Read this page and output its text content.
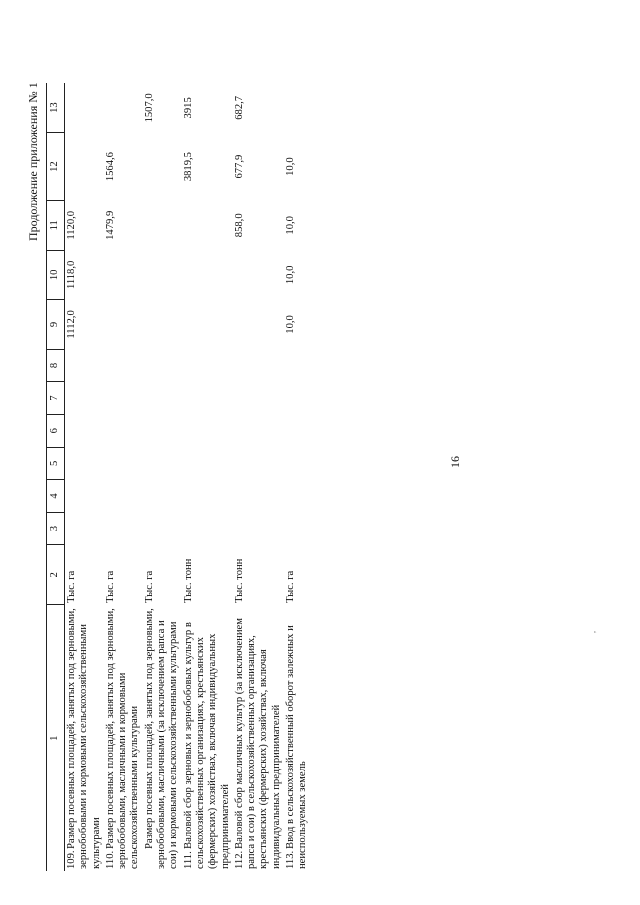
16
Продолжение приложения № 1
1	2	3	4	5	6	7	8	9	10	11	12	13
109.Размер посевных площадей, занятых под зерновыми, зернобобовыми и кормовыми сельскохозяйственными культурами	Тыс. га							1112,0	1118,0	1120,0		
110.Размер посевных площадей, занятых под зерновыми, зернобобовыми, масличными и кормовыми сельскохозяйственными культурами	Тыс. га									1479,9	1564,6	
Размер посевных площадей, занятых под зерновыми, зернобобовыми, масличными (за исключением рапса и сои) и кормовыми сельскохозяйственными культурами	Тыс. га											1507,0
111.Валовой сбор зерновых и зернобобовых культур в сельскохозяйственных организациях, крестьянских (фермерских) хозяйствах, включая индивидуальных предпринимателей	Тыс. тонн										3819,5	3915
112.Валовой сбор масличных культур (за исключением рапса и сои) в сельскохозяйственных организациях, крестьянских (фермерских) хозяйствах, включая индивидуальных предпринимателей	Тыс. тонн									858,0	677,9	682,7
113.Ввод в сельскохозяйственный оборот залежных и неиспользуемых земель	Тыс. га							10,0	10,0	10,0	10,0	
,
